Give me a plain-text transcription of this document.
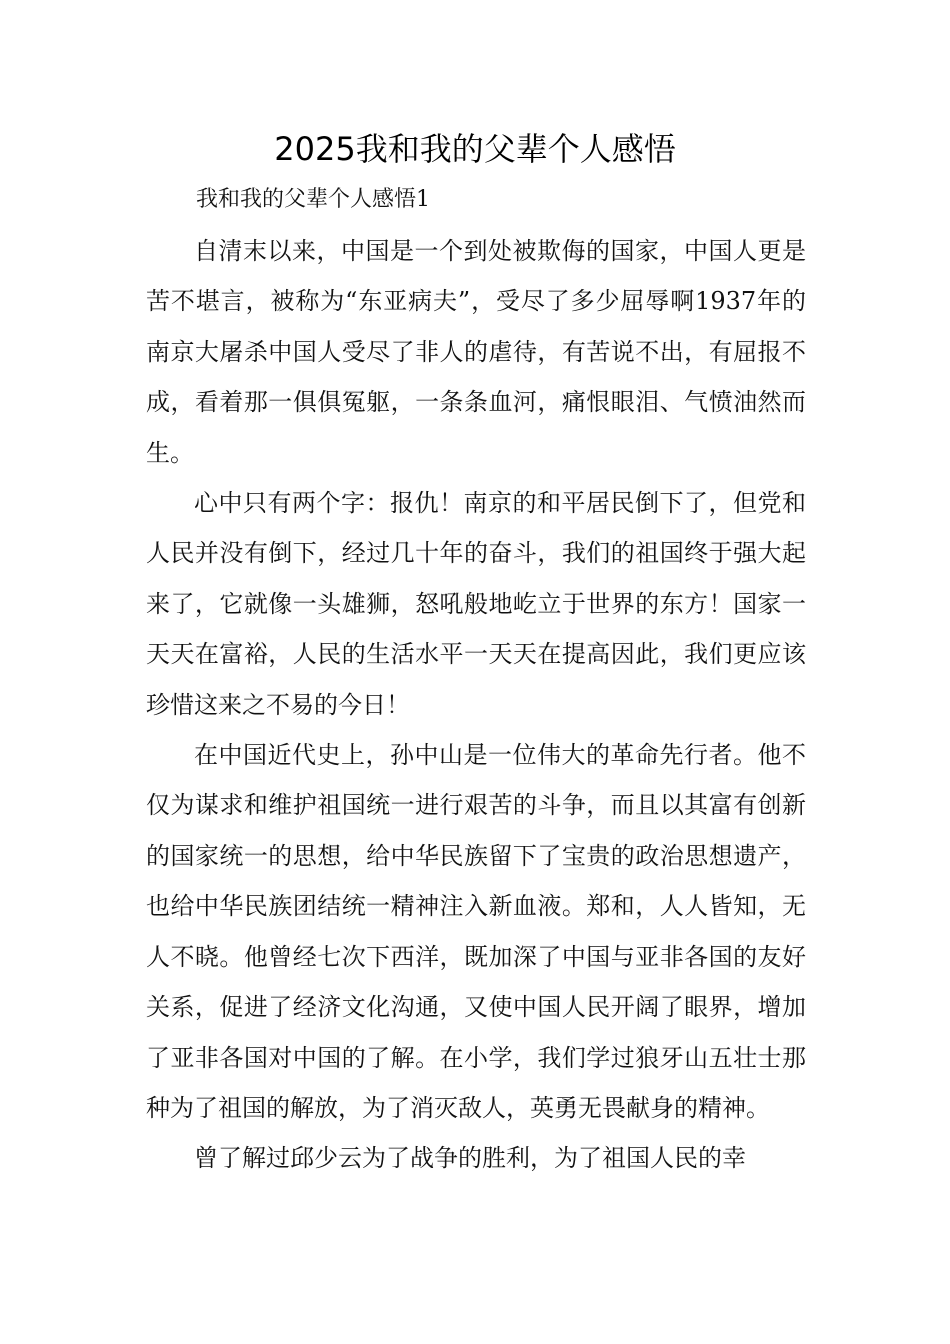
2025我和我的父辈个人感悟
我和我的父辈个人感悟1

自清末以来，中国是一个到处被欺侮的国家，中国人更是苦不堪言，被称为“东亚病夫”，受尽了多少屈辱啊1937年的南京大屠杀中国人受尽了非人的虐待，有苦说不出，有屈报不成，看着那一俱俱冤躯，一条条血河，痛恨眼泪、气愤油然而生。

心中只有两个字：报仇！南京的和平居民倒下了，但党和人民并没有倒下，经过几十年的奋斗，我们的祖国终于强大起来了，它就像一头雄狮，怒吼般地屹立于世界的东方！国家一天天在富裕，人民的生活水平一天天在提高因此，我们更应该珍惜这来之不易的今日！

在中国近代史上，孙中山是一位伟大的革命先行者。他不仅为谋求和维护祖国统一进行艰苦的斗争，而且以其富有创新的国家统一的思想，给中华民族留下了宝贵的政治思想遗产，也给中华民族团结统一精神注入新血液。郑和，人人皆知，无人不晓。他曾经七次下西洋，既加深了中国与亚非各国的友好关系，促进了经济文化沟通，又使中国人民开阔了眼界，增加了亚非各国对中国的了解。在小学，我们学过狼牙山五壮士那种为了祖国的解放，为了消灭敌人，英勇无畏献身的精神。

曾了解过邱少云为了战争的胜利，为了祖国人民的幸
